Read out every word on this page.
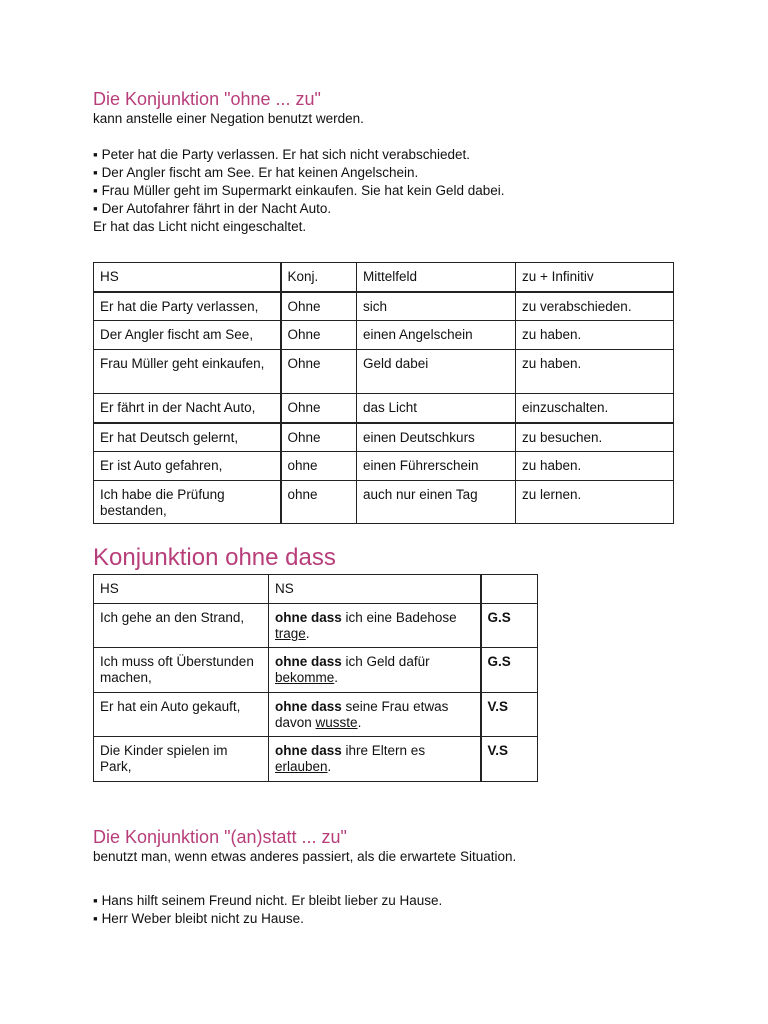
Die Konjunktion "ohne ... zu"

kann anstelle einer Negation benutzt werden.

▪ Peter hat die Party verlassen. Er hat sich nicht verabschiedet.

▪ Der Angler fischt am See. Er hat keinen Angelschein.

▪ Frau Müller geht im Supermarkt einkaufen. Sie hat kein Geld dabei.

▪ Der Autofahrer fährt in der Nacht Auto.

Er hat das Licht nicht eingeschaltet.

HS	Konj.	Mittelfeld	zu + Infinitiv
Er hat die Party verlassen,	Ohne	sich	zu verabschieden.
Der Angler fischt am See,	Ohne	einen Angelschein	zu haben.
Frau Müller geht einkaufen,	Ohne	Geld dabei	zu haben.
Er fährt in der Nacht Auto,	Ohne	das Licht	einzuschalten.
Er hat Deutsch gelernt,	Ohne	einen Deutschkurs	zu besuchen.
Er ist Auto gefahren,	ohne	einen Führerschein	zu haben.
Ich habe die Prüfung bestanden,	ohne	auch nur einen Tag	zu lernen.
Konjunktion ohne dass
HS	NS	
Ich gehe an den Strand,	ohne dass ich eine Badehose trage.	G.S
Ich muss oft Überstunden machen,	ohne dass ich Geld dafür bekomme.	G.S
Er hat ein Auto gekauft,	ohne dass seine Frau etwas davon wusste.	V.S
Die Kinder spielen im Park,	ohne dass ihre Eltern es erlauben.	V.S
Die Konjunktion "(an)statt ... zu"

benutzt man, wenn etwas anderes passiert, als die erwartete Situation.

▪ Hans hilft seinem Freund nicht. Er bleibt lieber zu Hause.

▪ Herr Weber bleibt nicht zu Hause.
